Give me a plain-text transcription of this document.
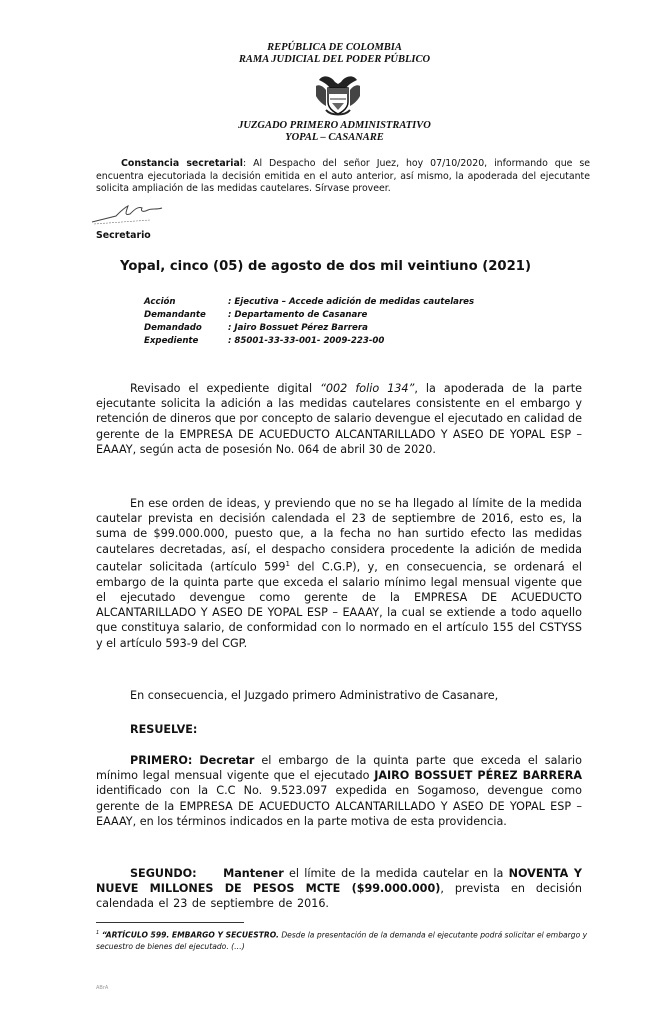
REPÚBLICA DE COLOMBIA
RAMA JUDICIAL DEL PODER PÚBLICO
JUZGADO PRIMERO ADMINISTRATIVO
YOPAL – CASANARE
Constancia secretarial: Al Despacho del señor Juez, hoy 07/10/2020, informando que se encuentra ejecutoriada la decisión emitida en el auto anterior, así mismo, la apoderada del ejecutante solicita ampliación de las medidas cautelares. Sírvase proveer.
Secretario
Yopal, cinco (05) de agosto de dos mil veintiuno (2021)
Acción	: Ejecutiva – Accede adición de medidas cautelares
Demandante	: Departamento de Casanare
Demandado	: Jairo Bossuet Pérez Barrera
Expediente	: 85001-33-33-001- 2009-223-00
Revisado el expediente digital “002 folio 134”, la apoderada de la parte ejecutante solicita la adición a las medidas cautelares consistente en el embargo y retención de dineros que por concepto de salario devengue el ejecutado en calidad de gerente de la EMPRESA DE ACUEDUCTO ALCANTARILLADO Y ASEO DE YOPAL ESP – EAAAY, según acta de posesión No. 064 de abril 30 de 2020.
En ese orden de ideas, y previendo que no se ha llegado al límite de la medida cautelar prevista en decisión calendada el 23 de septiembre de 2016, esto es, la suma de $99.000.000, puesto que, a la fecha no han surtido efecto las medidas cautelares decretadas, así, el despacho considera procedente la adición de medida cautelar solicitada (artículo $599^1$ del C.G.P), y, en consecuencia, se ordenará el embargo de la quinta parte que exceda el salario mínimo legal mensual vigente que el ejecutado devengue como gerente de la EMPRESA DE ACUEDUCTO ALCANTARILLADO Y ASEO DE YOPAL ESP – EAAAY, la cual se extiende a todo aquello que constituya salario, de conformidad con lo normado en el artículo 155 del CSTYSS y el artículo 593-9 del CGP.
En consecuencia, el Juzgado primero Administrativo de Casanare,
RESUELVE:
PRIMERO: Decretar el embargo de la quinta parte que exceda el salario mínimo legal mensual vigente que el ejecutado JAIRO BOSSUET PÉREZ BARRERA identificado con la C.C No. 9.523.097 expedida en Sogamoso, devengue como gerente de la EMPRESA DE ACUEDUCTO ALCANTARILLADO Y ASEO DE YOPAL ESP – EAAAY, en los términos indicados en la parte motiva de esta providencia.
SEGUNDO: Mantener el límite de la medida cautelar en la NOVENTA Y NUEVE MILLONES DE PESOS MCTE ($99.000.000), prevista en decisión calendada el 23 de septiembre de 2016.
$^1$ “ARTÍCULO 599. EMBARGO Y SECUESTRO. Desde la presentación de la demanda el ejecutante podrá solicitar el embargo y secuestro de bienes del ejecutado. (…)
ABrA
